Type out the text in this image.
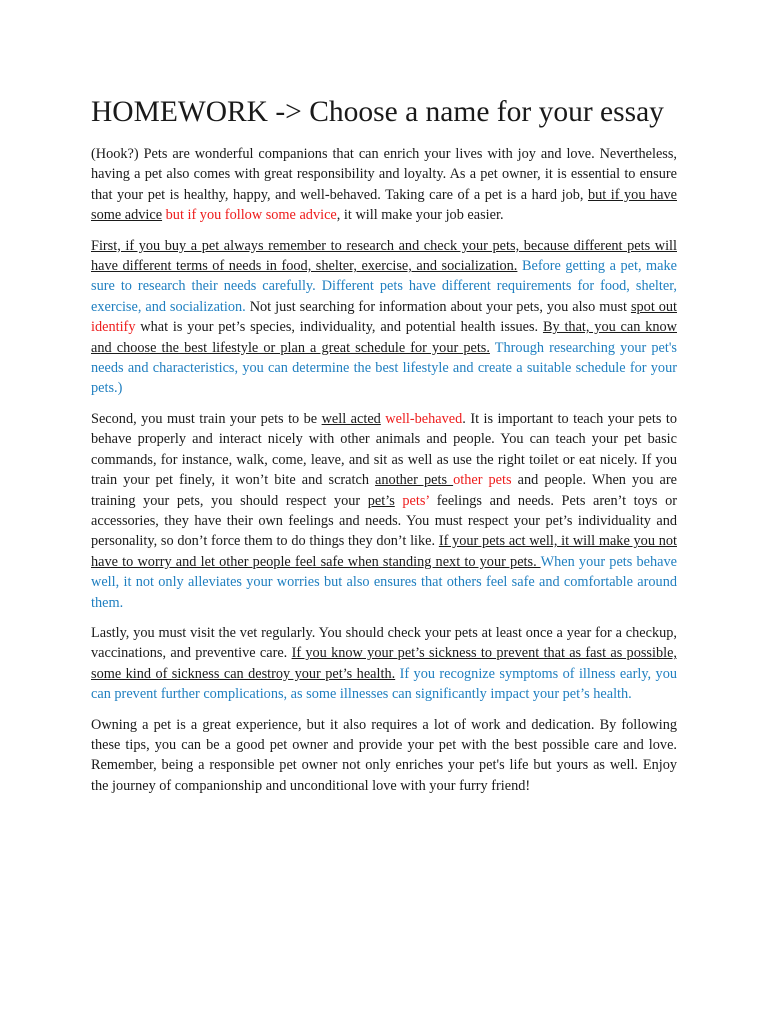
HOMEWORK -> Choose a name for your essay

(Hook?) Pets are wonderful companions that can enrich your lives with joy and love. Nevertheless, having a pet also comes with great responsibility and loyalty. As a pet owner, it is essential to ensure that your pet is healthy, happy, and well-behaved. Taking care of a pet is a hard job, but if you have some advice but if you follow some advice, it will make your job easier.

First, if you buy a pet always remember to research and check your pets, because different pets will have different terms of needs in food, shelter, exercise, and socialization. Before getting a pet, make sure to research their needs carefully. Different pets have different requirements for food, shelter, exercise, and socialization. Not just searching for information about your pets, you also must spot out identify what is your pet’s species, individuality, and potential health issues. By that, you can know and choose the best lifestyle or plan a great schedule for your pets. Through researching your pet's needs and characteristics, you can determine the best lifestyle and create a suitable schedule for your pets.)

Second, you must train your pets to be well acted well-behaved. It is important to teach your pets to behave properly and interact nicely with other animals and people. You can teach your pet basic commands, for instance, walk, come, leave, and sit as well as use the right toilet or eat nicely. If you train your pet finely, it won’t bite and scratch another pets other pets and people. When you are training your pets, you should respect your pet’s pets’ feelings and needs. Pets aren’t toys or accessories, they have their own feelings and needs. You must respect your pet’s individuality and personality, so don’t force them to do things they don’t like. If your pets act well, it will make you not have to worry and let other people feel safe when standing next to your pets. When your pets behave well, it not only alleviates your worries but also ensures that others feel safe and comfortable around them.

Lastly, you must visit the vet regularly. You should check your pets at least once a year for a checkup, vaccinations, and preventive care. If you know your pet’s sickness to prevent that as fast as possible, some kind of sickness can destroy your pet’s health. If you recognize symptoms of illness early, you can prevent further complications, as some illnesses can significantly impact your pet’s health.

Owning a pet is a great experience, but it also requires a lot of work and dedication. By following these tips, you can be a good pet owner and provide your pet with the best possible care and love. Remember, being a responsible pet owner not only enriches your pet's life but yours as well. Enjoy the journey of companionship and unconditional love with your furry friend!
